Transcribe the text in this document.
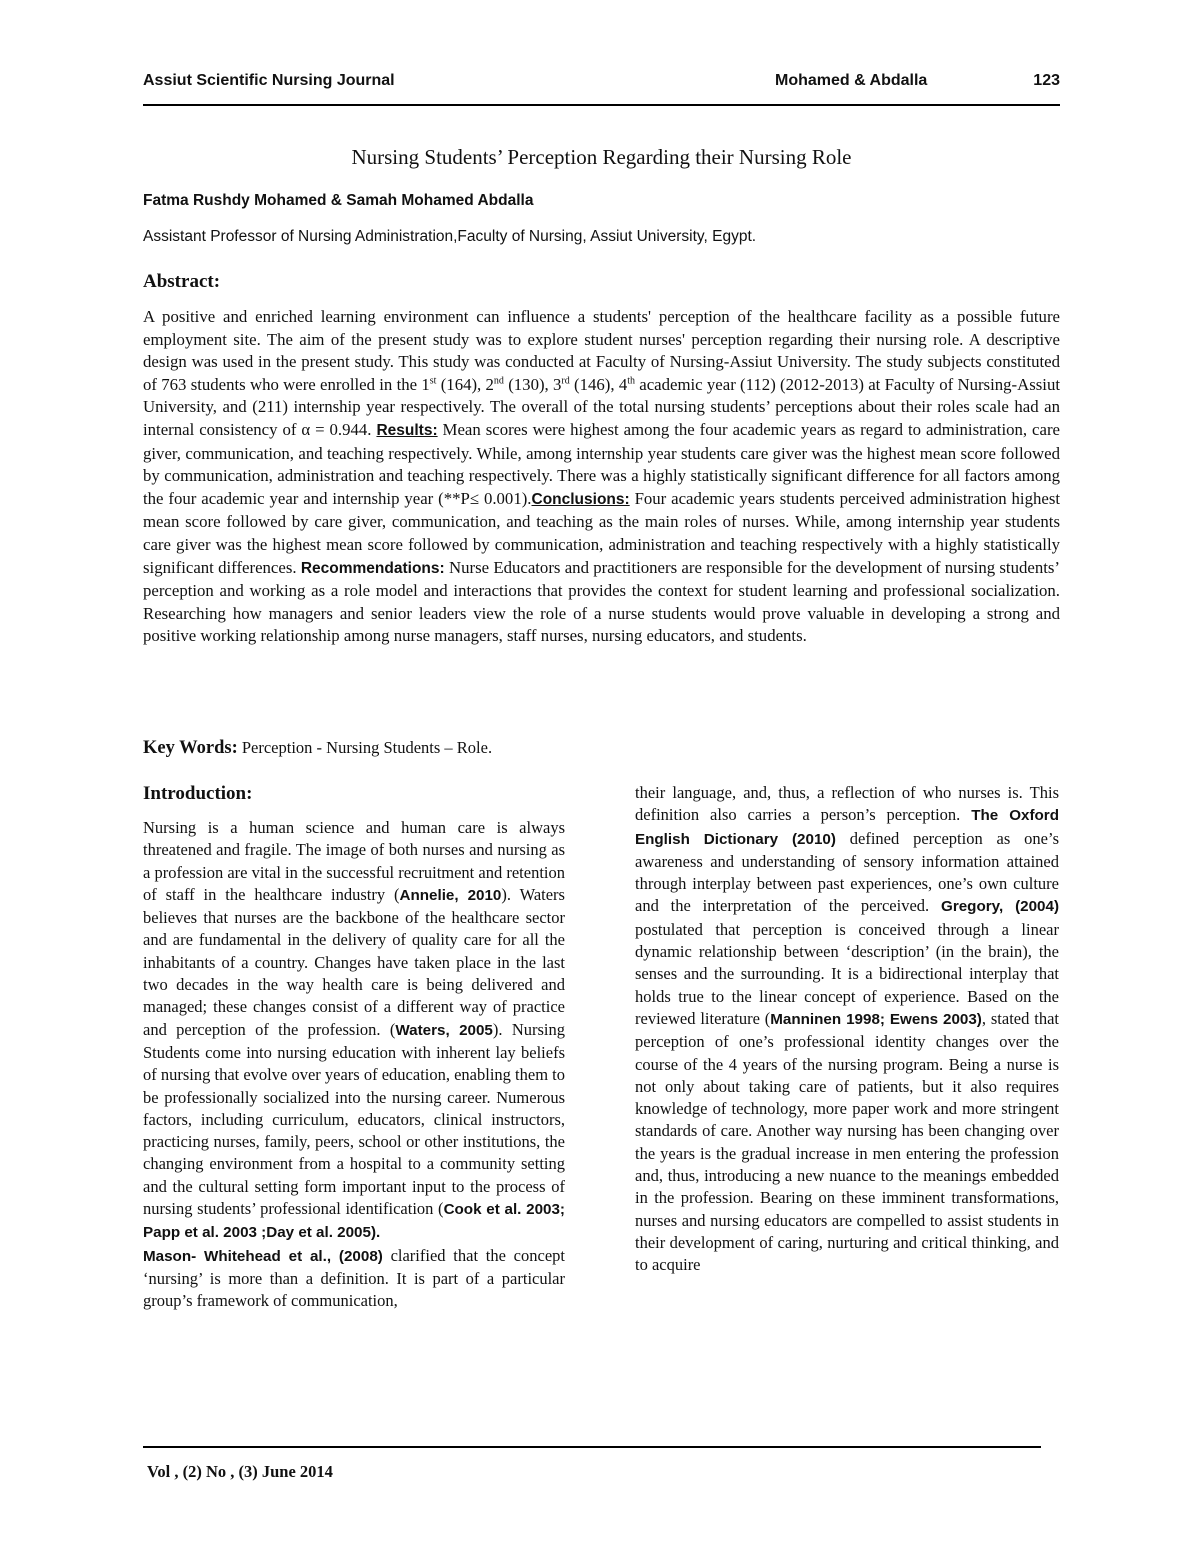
Assiut Scientific Nursing Journal	Mohamed & Abdalla	123
Nursing Students’ Perception Regarding their Nursing Role
Fatma Rushdy Mohamed & Samah Mohamed Abdalla
Assistant Professor of Nursing Administration,Faculty of Nursing, Assiut University, Egypt.
Abstract:
A positive and enriched learning environment can influence a students' perception of the healthcare facility as a possible future employment site. The aim of the present study was to explore student nurses' perception regarding their nursing role. A descriptive design was used in the present study. This study was conducted at Faculty of Nursing-Assiut University. The study subjects constituted of 763 students who were enrolled in the 1st (164), 2nd (130), 3rd (146), 4th academic year (112) (2012-2013) at Faculty of Nursing-Assiut University, and (211) internship year respectively. The overall of the total nursing students’ perceptions about their roles scale had an internal consistency of α = 0.944. Results: Mean scores were highest among the four academic years as regard to administration, care giver, communication, and teaching respectively. While, among internship year students care giver was the highest mean score followed by communication, administration and teaching respectively. There was a highly statistically significant difference for all factors among the four academic year and internship year (**P≤ 0.001).Conclusions: Four academic years students perceived administration highest mean score followed by care giver, communication, and teaching as the main roles of nurses. While, among internship year students care giver was the highest mean score followed by communication, administration and teaching respectively with a highly statistically significant differences. Recommendations: Nurse Educators and practitioners are responsible for the development of nursing students’ perception and working as a role model and interactions that provides the context for student learning and professional socialization. Researching how managers and senior leaders view the role of a nurse students would prove valuable in developing a strong and positive working relationship among nurse managers, staff nurses, nursing educators, and students.
Key Words: Perception - Nursing Students – Role.
Introduction:

Nursing is a human science and human care is always threatened and fragile. The image of both nurses and nursing as a profession are vital in the successful recruitment and retention of staff in the healthcare industry (Annelie, 2010). Waters believes that nurses are the backbone of the healthcare sector and are fundamental in the delivery of quality care for all the inhabitants of a country. Changes have taken place in the last two decades in the way health care is being delivered and managed; these changes consist of a different way of practice and perception of the profession. (Waters, 2005). Nursing Students come into nursing education with inherent lay beliefs of nursing that evolve over years of education, enabling them to be professionally socialized into the nursing career. Numerous factors, including curriculum, educators, clinical instructors, practicing nurses, family, peers, school or other institutions, the changing environment from a hospital to a community setting and the cultural setting form important input to the process of nursing students’ professional identification (Cook et al. 2003; Papp et al. 2003 ;Day et al. 2005).
Mason- Whitehead et al., (2008) clarified that the concept ‘nursing’ is more than a definition. It is part of a particular group’s framework of communication,

their language, and, thus, a reflection of who nurses is. This definition also carries a person’s perception. The Oxford English Dictionary (2010) defined perception as one’s awareness and understanding of sensory information attained through interplay between past experiences, one’s own culture and the interpretation of the perceived. Gregory, (2004) postulated that perception is conceived through a linear dynamic relationship between ‘description’ (in the brain), the senses and the surrounding. It is a bidirectional interplay that holds true to the linear concept of experience. Based on the reviewed literature (Manninen 1998; Ewens 2003), stated that perception of one’s professional identity changes over the course of the 4 years of the nursing program. Being a nurse is not only about taking care of patients, but it also requires knowledge of technology, more paper work and more stringent standards of care. Another way nursing has been changing over the years is the gradual increase in men entering the profession and, thus, introducing a new nuance to the meanings embedded in the profession. Bearing on these imminent transformations, nurses and nursing educators are compelled to assist students in their development of caring, nurturing and critical thinking, and to acquire

Vol , (2) No , (3) June 2014
